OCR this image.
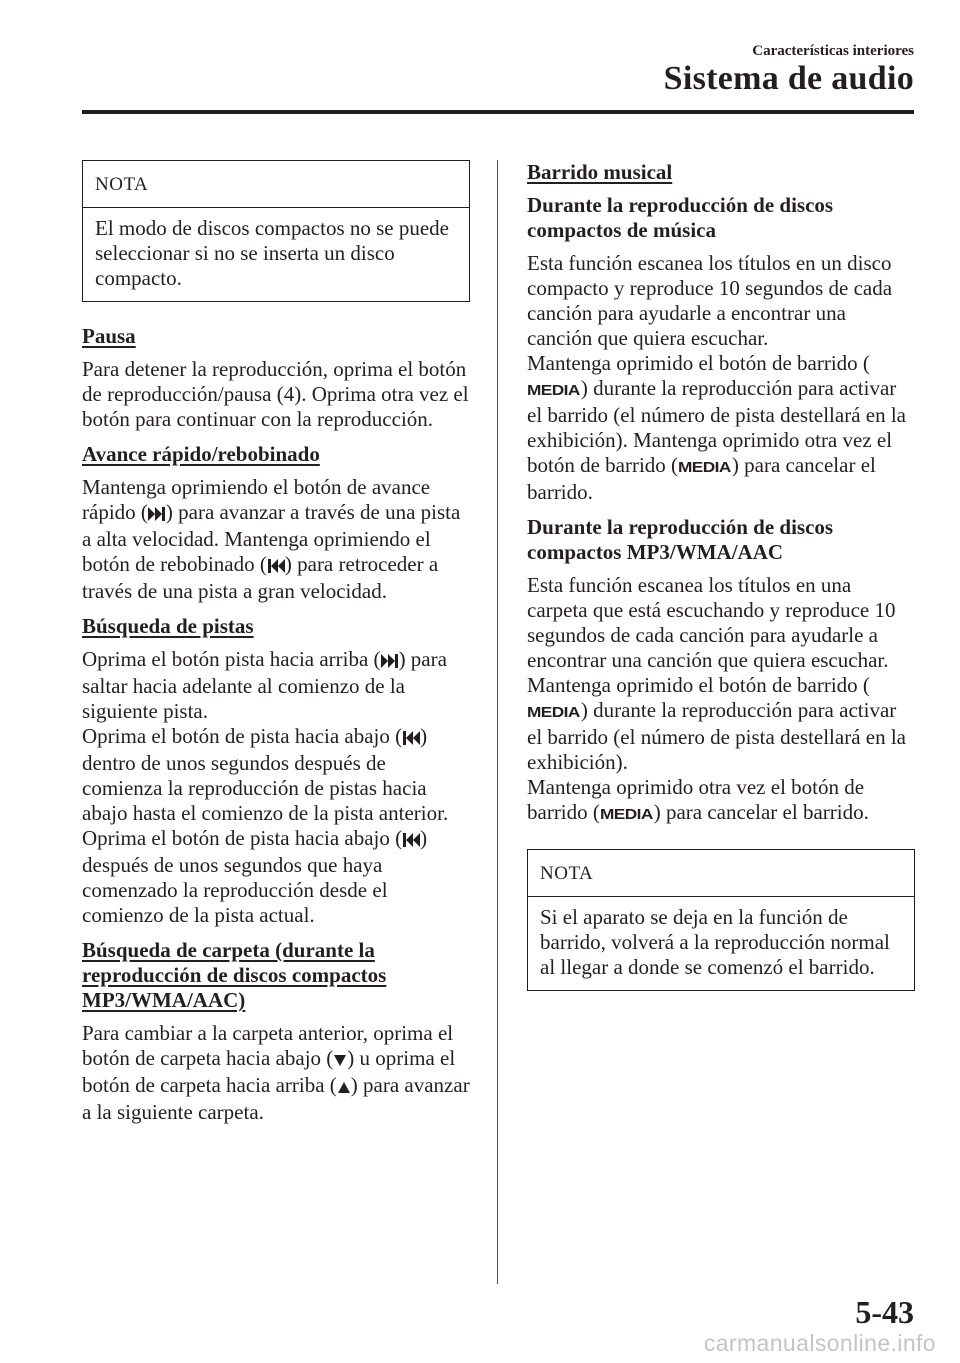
Características interiores
Sistema de audio
NOTA
El modo de discos compactos no se puede seleccionar si no se inserta un disco compacto.
Pausa

Para detener la reproducción, oprima el botón de reproducción/pausa (4). Oprima otra vez el botón para continuar con la reproducción.

Avance rápido/rebobinado

Mantenga oprimiendo el botón de avance rápido ( ) para avanzar a través de una pista a alta velocidad. Mantenga oprimiendo el botón de rebobinado ( ) para retroceder a través de una pista a gran velocidad.

Búsqueda de pistas

Oprima el botón pista hacia arriba ( ) para saltar hacia adelante al comienzo de la siguiente pista.
Oprima el botón de pista hacia abajo ( ) dentro de unos segundos después de comienza la reproducción de pistas hacia abajo hasta el comienzo de la pista anterior.
Oprima el botón de pista hacia abajo ( ) después de unos segundos que haya comenzado la reproducción desde el comienzo de la pista actual.

Búsqueda de carpeta (durante la reproducción de discos compactos MP3/WMA/AAC)

Para cambiar a la carpeta anterior, oprima el botón de carpeta hacia abajo ( ) u oprima el botón de carpeta hacia arriba ( ) para avanzar a la siguiente carpeta.

Barrido musical
Durante la reproducción de discos compactos de música

Esta función escanea los títulos en un disco compacto y reproduce 10 segundos de cada canción para ayudarle a encontrar una canción que quiera escuchar.
Mantenga oprimido el botón de barrido (MEDIA) durante la reproducción para activar el barrido (el número de pista destellará en la exhibición). Mantenga oprimido otra vez el botón de barrido (MEDIA) para cancelar el barrido.

Durante la reproducción de discos compactos MP3/WMA/AAC

Esta función escanea los títulos en una carpeta que está escuchando y reproduce 10 segundos de cada canción para ayudarle a encontrar una canción que quiera escuchar. Mantenga oprimido el botón de barrido (MEDIA) durante la reproducción para activar el barrido (el número de pista destellará en la exhibición).
Mantenga oprimido otra vez el botón de barrido (MEDIA) para cancelar el barrido.

NOTA
Si el aparato se deja en la función de barrido, volverá a la reproducción normal al llegar a donde se comenzó el barrido.
5-43
carmanualsonline.info
